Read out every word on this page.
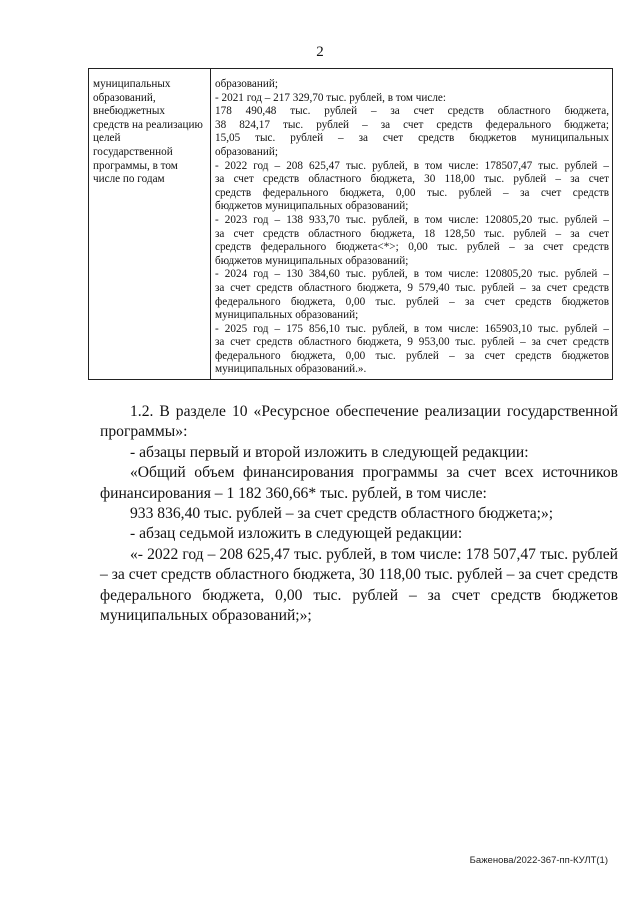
2
муниципальных
образований,
внебюджетных
средств на реализацию
целей
государственной
программы, в том
числе по годам
образований;
- 2021 год – 217 329,70 тыс. рублей, в том числе:
178 490,48 тыс. рублей – за счет средств областного бюджета,
38 824,17 тыс. рублей – за счет средств федерального бюджета;
15,05 тыс. рублей – за счет средств бюджетов муниципальных
образований;
- 2022 год – 208 625,47 тыс. рублей, в том числе: 178507,47 тыс. рублей –
за счет средств областного бюджета, 30 118,00 тыс. рублей – за счет
средств федерального бюджета, 0,00 тыс. рублей – за счет средств
бюджетов муниципальных образований;
- 2023 год – 138 933,70 тыс. рублей, в том числе: 120805,20 тыс. рублей –
за счет средств областного бюджета, 18 128,50 тыс. рублей – за счет
средств федерального бюджета<*>; 0,00 тыс. рублей – за счет средств
бюджетов муниципальных образований;
- 2024 год – 130 384,60 тыс. рублей, в том числе: 120805,20 тыс. рублей –
за счет средств областного бюджета, 9 579,40 тыс. рублей – за счет средств
федерального бюджета, 0,00 тыс. рублей – за счет средств бюджетов
муниципальных образований;
- 2025 год – 175 856,10 тыс. рублей, в том числе: 165903,10 тыс. рублей –
за счет средств областного бюджета, 9 953,00 тыс. рублей – за счет средств
федерального бюджета, 0,00 тыс. рублей – за счет средств бюджетов
муниципальных образований.».
1.2. В разделе 10 «Ресурсное обеспечение реализации государственной
программы»:
- абзацы первый и второй изложить в следующей редакции:
«Общий объем финансирования программы за счет всех источников
финансирования – 1 182 360,66* тыс. рублей, в том числе:
933 836,40 тыс. рублей – за счет средств областного бюджета;»;
- абзац седьмой изложить в следующей редакции:
«- 2022 год – 208 625,47 тыс. рублей, в том числе: 178 507,47 тыс. рублей
– за счет средств областного бюджета, 30 118,00 тыс. рублей – за счет средств
федерального бюджета, 0,00 тыс. рублей – за счет средств бюджетов
муниципальных образований;»;
Баженова/2022-367-пп-КУЛТ(1)
